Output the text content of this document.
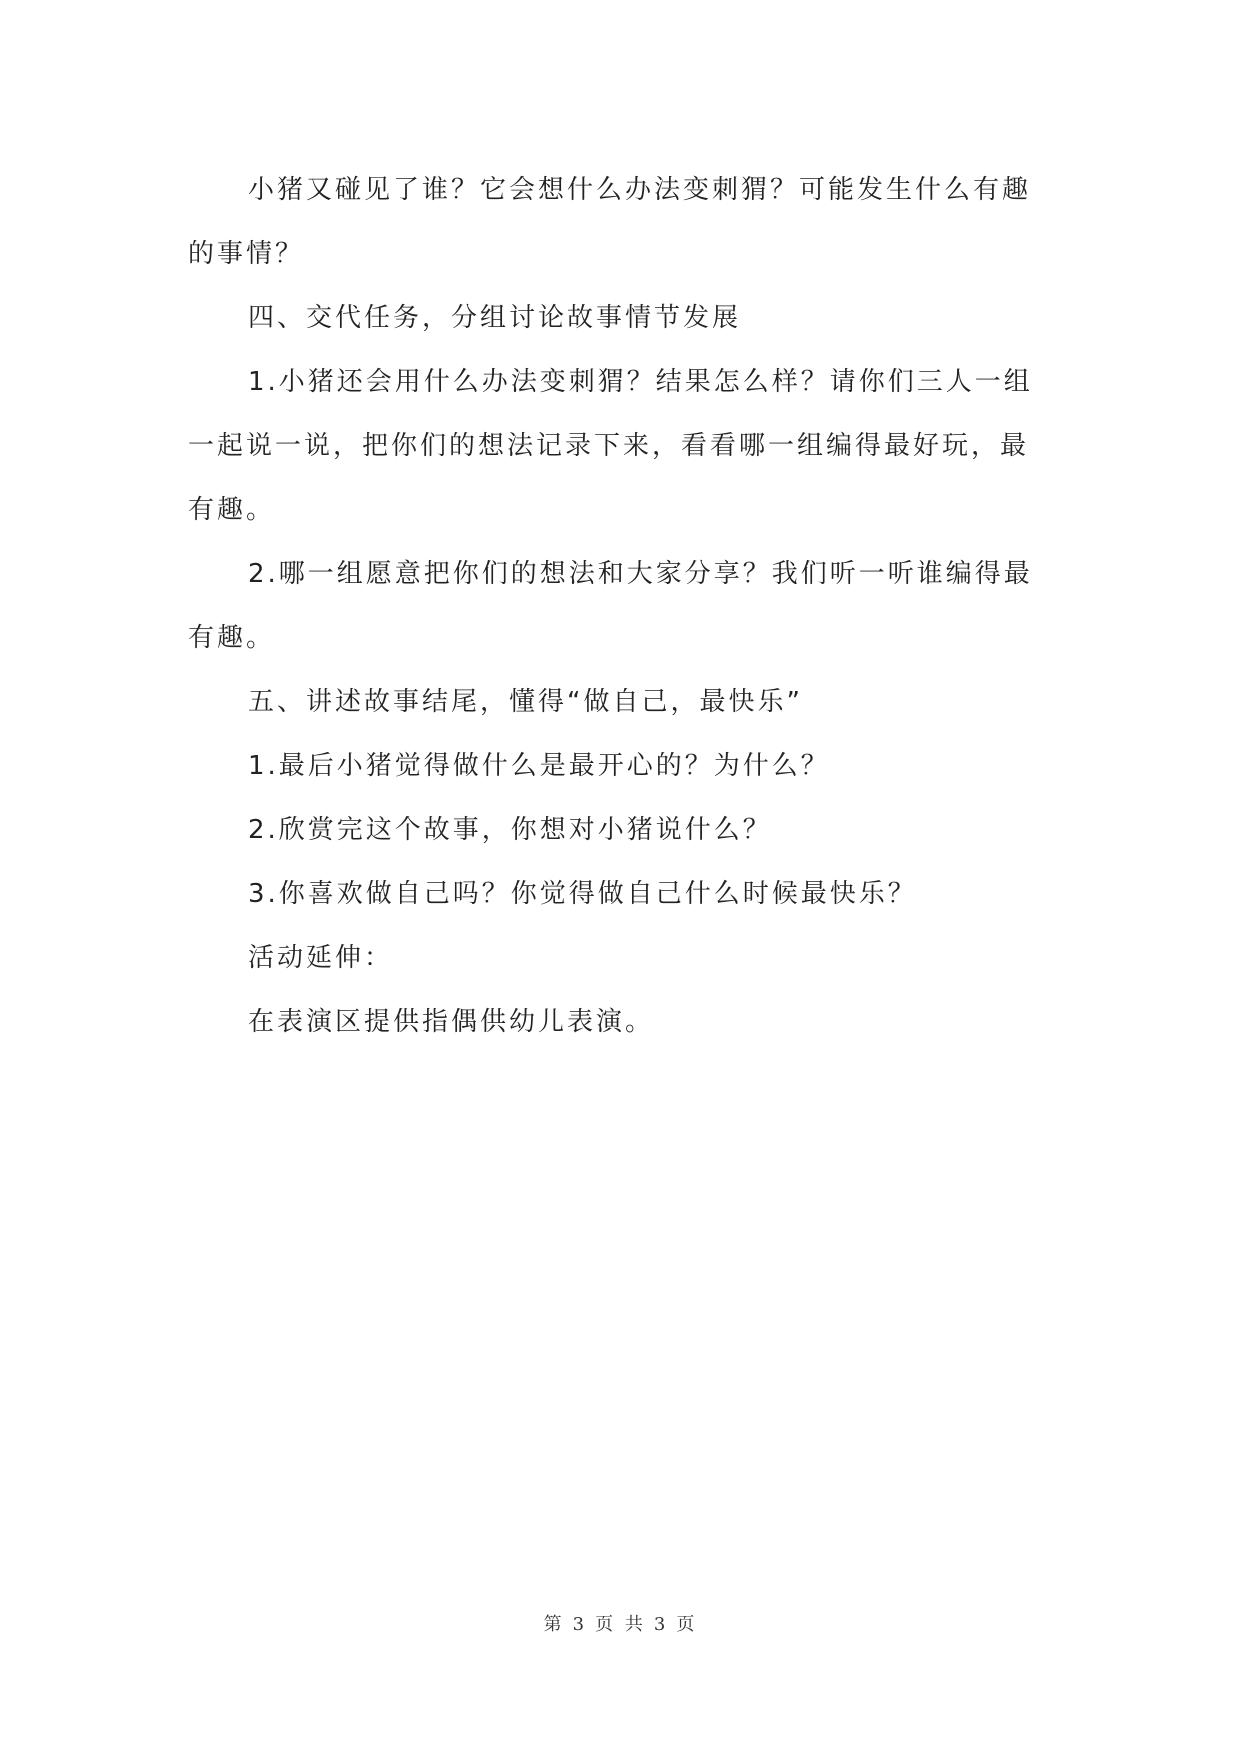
小猪又碰见了谁？它会想什么办法变刺猬？可能发生什么有趣的事情？

四、交代任务，分组讨论故事情节发展

1.小猪还会用什么办法变刺猬？结果怎么样？请你们三人一组一起说一说，把你们的想法记录下来，看看哪一组编得最好玩，最有趣。

2.哪一组愿意把你们的想法和大家分享？我们听一听谁编得最有趣。

五、讲述故事结尾，懂得“做自己，最快乐”

1.最后小猪觉得做什么是最开心的？为什么？

2.欣赏完这个故事，你想对小猪说什么？

3.你喜欢做自己吗？你觉得做自己什么时候最快乐？

活动延伸：

在表演区提供指偶供幼儿表演。

第 3 页 共 3 页
